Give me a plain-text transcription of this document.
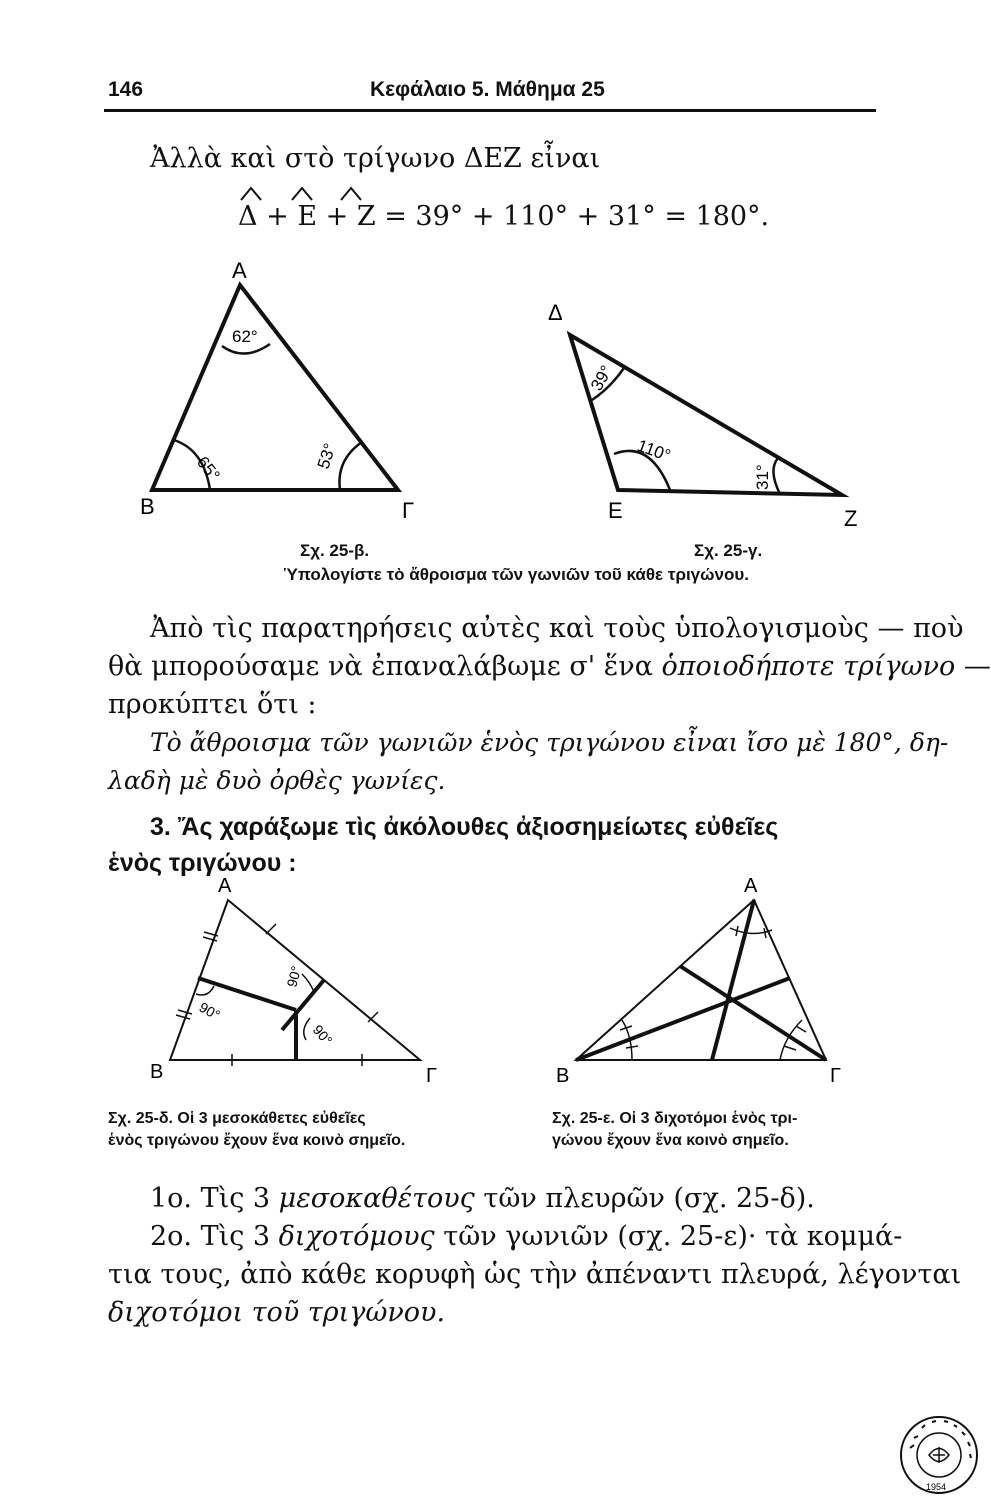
146	Κεφάλαιο 5. Μάθημα 25
Ἀλλὰ καὶ στὸ τρίγωνο ΔΕΖ εἶναι
Δ + Ε + Ζ = 39° + 110° + 31° = 180°.
Α
Β	Γ
62°
65°	53°
Δ
Ε	Ζ
39°
110°
31°
Σχ. 25-β.	Σχ. 25-γ.
Ὑπολογίστε τὸ ἄθροισμα τῶν γωνιῶν τοῦ κάθε τριγώνου.
Ἀπὸ τὶς παρατηρήσεις αὐτὲς καὶ τοὺς ὑπολογισμοὺς — ποὺ
θὰ μπορούσαμε νὰ ἐπαναλάβωμε σ' ἕνα ὁποιοδήποτε τρίγωνο —
προκύπτει ὅτι :
Τὸ ἄθροισμα τῶν γωνιῶν ἑνὸς τριγώνου εἶναι ἴσο μὲ 180°, δη-
λαδὴ μὲ δυὸ ὀρθὲς γωνίες.
3. Ἄς χαράξωμε τὶς ἀκόλουθες ἀξιοσημείωτες εὐθεῖες
ἑνὸς τριγώνου :
Α
Β	Γ
90°
90°
90°
Α
Β	Γ
Σχ. 25-δ. Οἱ 3 μεσοκάθετες εὐθεῖες
ἑνὸς τριγώνου ἔχουν ἕνα κοινὸ σημεῖο.
Σχ. 25-ε. Οἱ 3 διχοτόμοι ἑνὸς τρι-
γώνου ἔχουν ἕνα κοινὸ σημεῖο.
1ο. Τὶς 3 μεσοκαθέτους τῶν πλευρῶν (σχ. 25-δ).
2ο. Τὶς 3 διχοτόμους τῶν γωνιῶν (σχ. 25-ε)· τὰ κομμά-
τια τους, ἀπὸ κάθε κορυφὴ ὡς τὴν ἀπέναντι πλευρά, λέγονται
διχοτόμοι τοῦ τριγώνου.
1954
